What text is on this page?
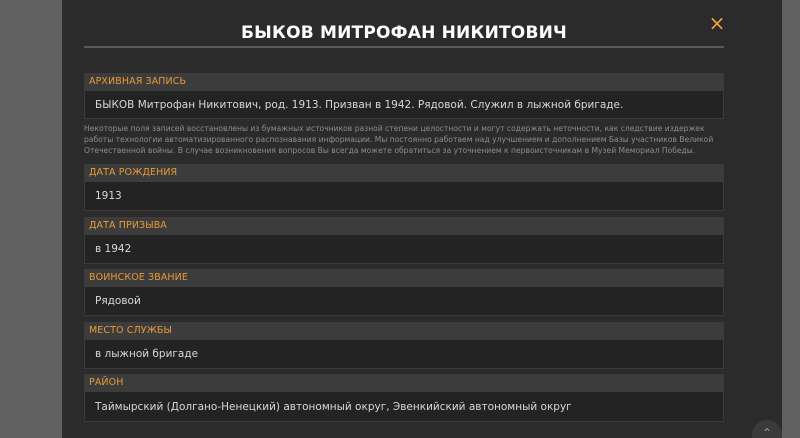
×
БЫКОВ МИТРОФАН НИКИТОВИЧ
АРХИВНАЯ ЗАПИСЬ
БЫКОВ Митрофан Никитович, род. 1913. Призван в 1942. Рядовой. Служил в лыжной бригаде.
Некоторые поля записей восстановлены из бумажных источников разной степени целостности и могут содержать неточности, как следствие издержек работы технологии автоматизированного распознавания информации. Мы постоянно работаем над улучшением и дополнением Базы участников Великой Отечественной войны. В случае возникновения вопросов Вы всегда можете обратиться за уточнением к первоисточникам в Музей Мемориал Победы.
ДАТА РОЖДЕНИЯ
1913
ДАТА ПРИЗЫВА
в 1942
ВОИНСКОЕ ЗВАНИЕ
Рядовой
МЕСТО СЛУЖБЫ
в лыжной бригаде
РАЙОН
Таймырский (Долгано-Ненецкий) автономный округ, Эвенкийский автономный округ
⌃
